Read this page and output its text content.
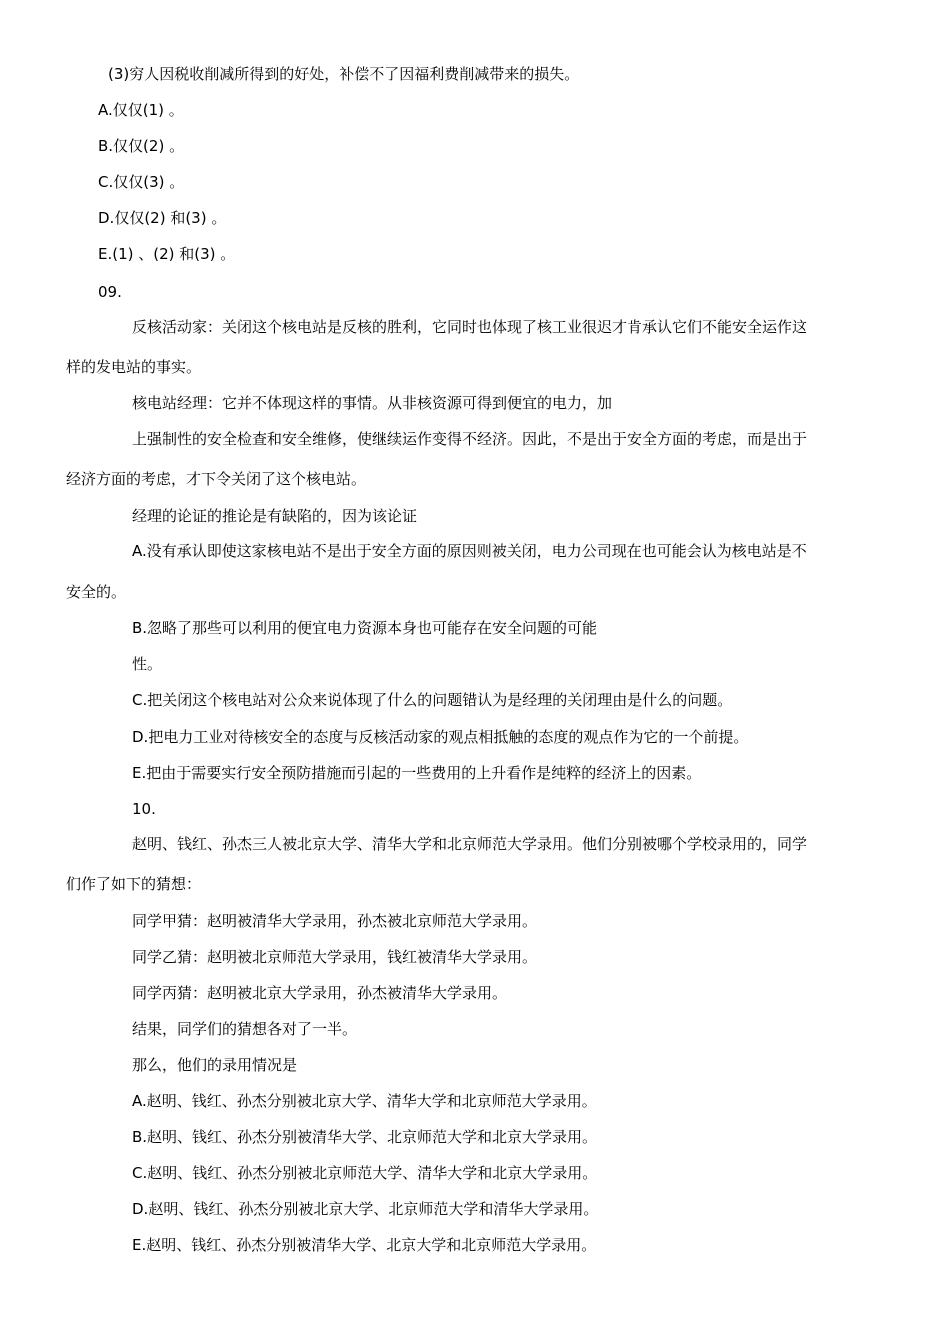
(3)穷人因税收削减所得到的好处，补偿不了因福利费削减带来的损失。
A.仅仅(1) 。
B.仅仅(2) 。
C.仅仅(3) 。
D.仅仅(2) 和(3) 。
E.(1) 、(2) 和(3) 。
09.
反核活动家：关闭这个核电站是反核的胜利，它同时也体现了核工业很迟才肯承认它们不能安全运作这
样的发电站的事实。
核电站经理：它并不体现这样的事情。从非核资源可得到便宜的电力，加
上强制性的安全检查和安全维修，使继续运作变得不经济。因此，不是出于安全方面的考虑，而是出于
经济方面的考虑，才下令关闭了这个核电站。
经理的论证的推论是有缺陷的，因为该论证
A.没有承认即使这家核电站不是出于安全方面的原因则被关闭，电力公司现在也可能会认为核电站是不
安全的。
B.忽略了那些可以利用的便宜电力资源本身也可能存在安全问题的可能
性。
C.把关闭这个核电站对公众来说体现了什么的问题错认为是经理的关闭理由是什么的问题。
D.把电力工业对待核安全的态度与反核活动家的观点相抵触的态度的观点作为它的一个前提。
E.把由于需要实行安全预防措施而引起的一些费用的上升看作是纯粹的经济上的因素。
10.
赵明、钱红、孙杰三人被北京大学、清华大学和北京师范大学录用。他们分别被哪个学校录用的，同学
们作了如下的猜想：
同学甲猜：赵明被清华大学录用，孙杰被北京师范大学录用。
同学乙猜：赵明被北京师范大学录用，钱红被清华大学录用。
同学丙猜：赵明被北京大学录用，孙杰被清华大学录用。
结果，同学们的猜想各对了一半。
那么，他们的录用情况是
A.赵明、钱红、孙杰分别被北京大学、清华大学和北京师范大学录用。
B.赵明、钱红、孙杰分别被清华大学、北京师范大学和北京大学录用。
C.赵明、钱红、孙杰分别被北京师范大学、清华大学和北京大学录用。
D.赵明、钱红、孙杰分别被北京大学、北京师范大学和清华大学录用。
E.赵明、钱红、孙杰分别被清华大学、北京大学和北京师范大学录用。
